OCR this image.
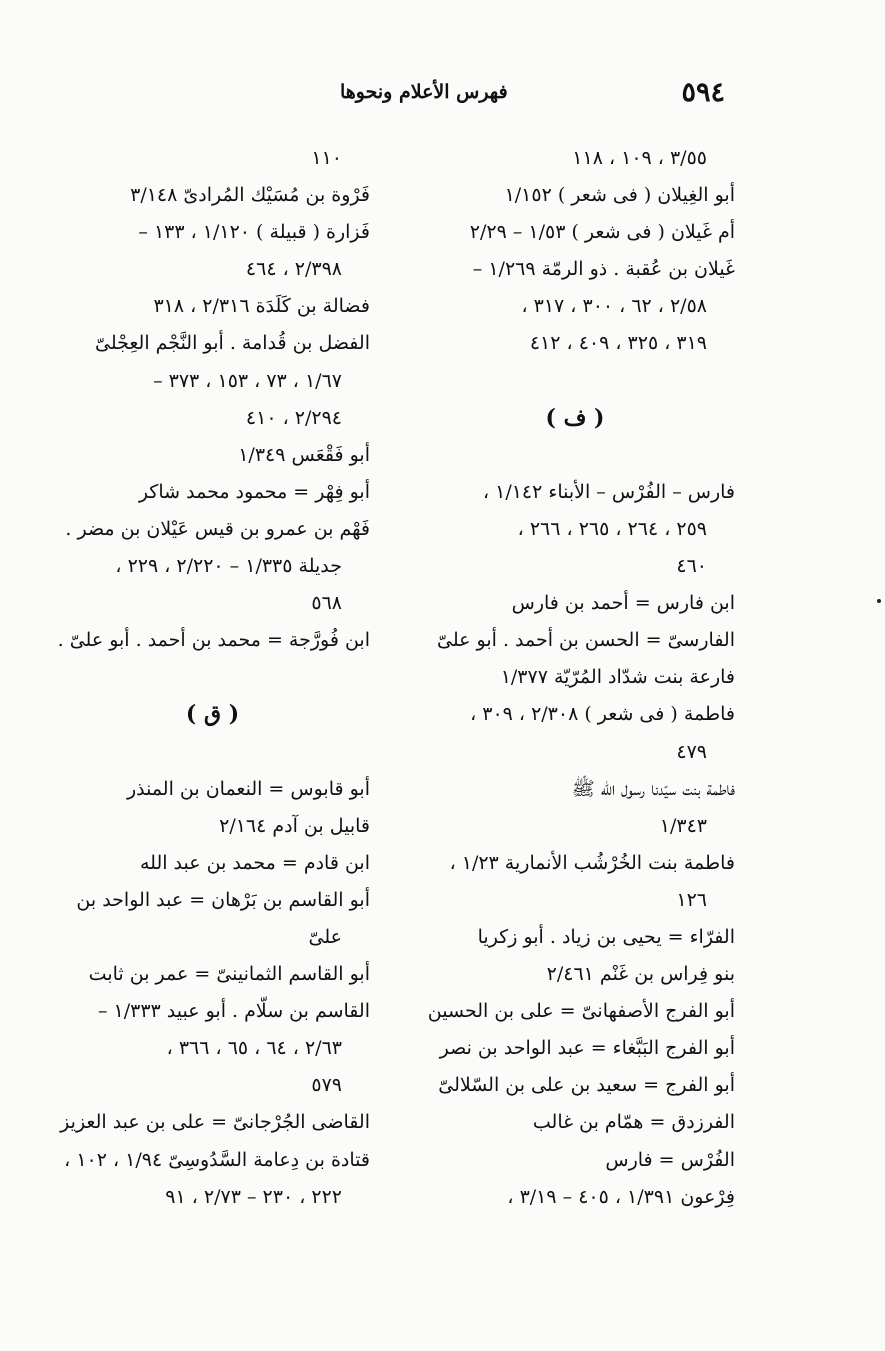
٥٩٤
فهرس الأعلام ونحوها
٣/٥٥ ، ١٠٩ ، ١١٨
أبو الغِيلان ( فى شعر ) ١/١٥٢
أم غَيلان ( فى شعر ) ١/٥٣ – ٢/٢٩
غَيلان بن عُقبة . ذو الرمّة ١/٢٦٩ –
٢/٥٨ ، ٦٢ ، ٣٠٠ ، ٣١٧ ،
٣١٩ ، ٣٢٥ ، ٤٠٩ ، ٤١٢
( ف )
فارس – الفُرْس – الأبناء ١/١٤٢ ،
٢٥٩ ، ٢٦٤ ، ٢٦٥ ، ٢٦٦ ،
٤٦٠
ابن فارس = أحمد بن فارس
الفارسىّ = الحسن بن أحمد . أبو علىّ
فارعة بنت شدّاد المُرّيّة ١/٣٧٧
فاطمة ( فى شعر ) ٢/٣٠٨ ، ٣٠٩ ،
٤٧٩
فاطمة بنت سيّدنا رسول الله ﷺ
١/٣٤٣
فاطمة بنت الخُرْشُب الأنمارية ١/٢٣ ،
١٢٦
الفرّاء = يحيى بن زياد . أبو زكريا
بنو فِراس بن غَنْم ٢/٤٦١
أبو الفرج الأصفهانىّ = على بن الحسين
أبو الفرج البَبَّغاء = عبد الواحد بن نصر
أبو الفرج = سعيد بن على بن السّلالىّ
الفرزدق = همّام بن غالب
الفُرْس = فارس
فِرْعون ١/٣٩١ ، ٤٠٥ – ٣/١٩ ،
١١٠
فَرْوة بن مُسَيْك المُرادىّ ٣/١٤٨
فَزارة ( قبيلة ) ١/١٢٠ ، ١٣٣ –
٢/٣٩٨ ، ٤٦٤
فضالة بن كَلَدَة ٢/٣١٦ ، ٣١٨
الفضل بن قُدامة . أبو النَّجْم العِجْلىّ
١/٦٧ ، ٧٣ ، ١٥٣ ، ٣٧٣ –
٢/٢٩٤ ، ٤١٠
أبو فَقْعَس ١/٣٤٩
أبو فِهْر = محمود محمد شاكر
فَهْم بن عمرو بن قيس عَيْلان بن مضر .
جديلة ١/٣٣٥ – ٢/٢٢٠ ، ٢٢٩ ،
٥٦٨
ابن فُورَّجة = محمد بن أحمد . أبو علىّ .
( ق )
أبو قابوس = النعمان بن المنذر
قابيل بن آدم ٢/١٦٤
ابن قادم = محمد بن عبد الله
أبو القاسم بن بَرْهان = عبد الواحد بن
علىّ
أبو القاسم الثمانينىّ = عمر بن ثابت
القاسم بن سلّام . أبو عبيد ١/٣٣٣ –
٢/٦٣ ، ٦٤ ، ٦٥ ، ٣٦٦ ،
٥٧٩
القاضى الجُرْجانىّ = على بن عبد العزيز
قتادة بن دِعامة السَّدُوسِىّ ١/٩٤ ، ١٠٢ ،
٢٢٢ ، ٢٣٠ – ٢/٧٣ ، ٩١
